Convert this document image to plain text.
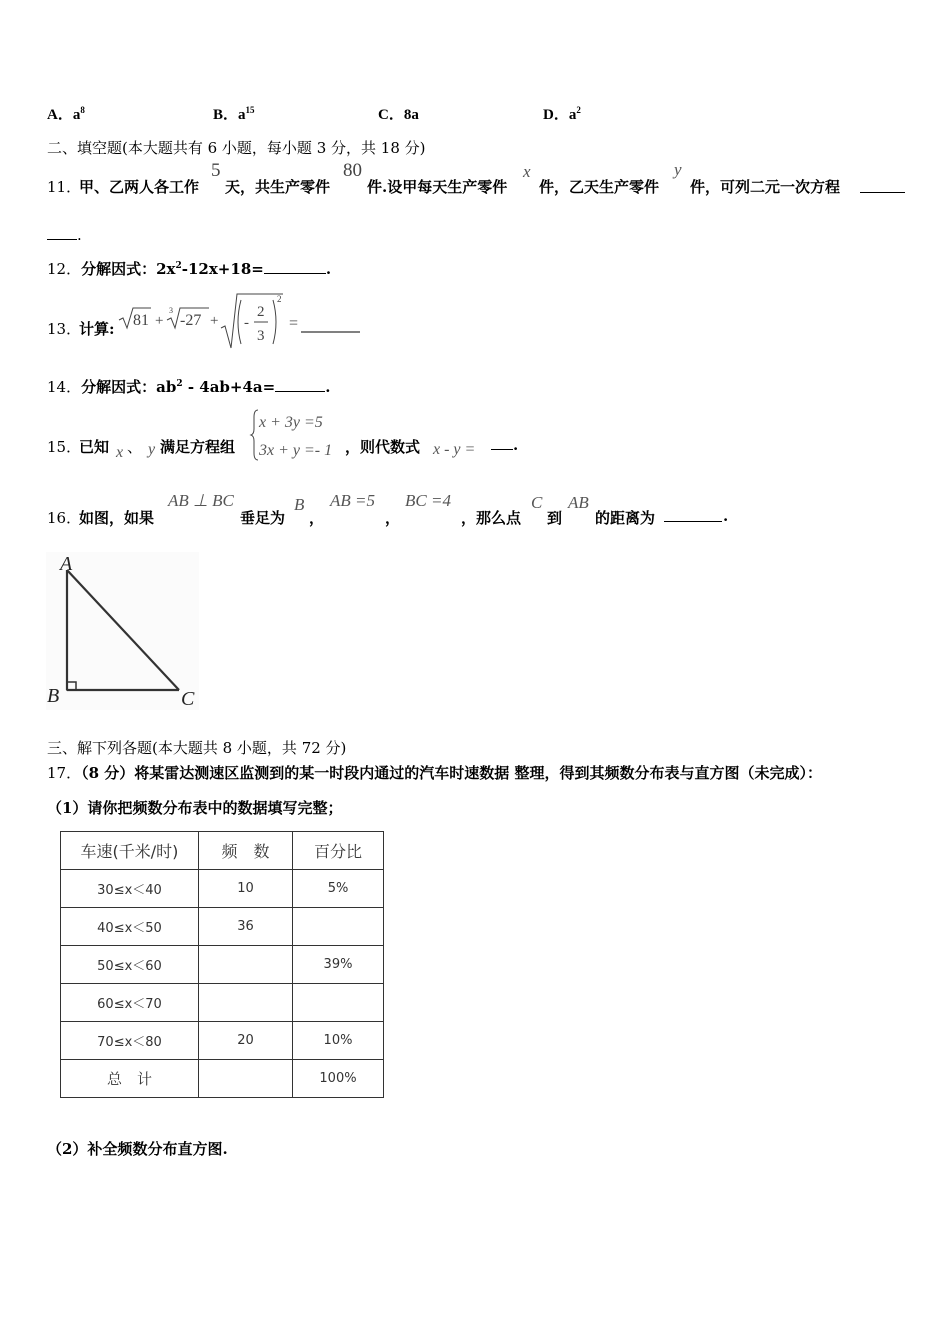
A．$a^8$	B．$a^{15}$	C．8a	D．$a^2$
二、填空题(本大题共有 6 小题，每小题 3 分，共 18 分)
11．
甲、乙两人各工作
5
天，共生产零件
80
件.设甲每天生产零件
x
件，乙天生产零件
y
件，可列二元一次方程
.
12．分解因式：$2x^2-12x+18=$	.
13．
计算: 81 +
3
-27 + -
2
3
2
=
14．分解因式：$ab^2 - 4ab+4a=$	.
15．
已知 x 、 y 满足方程组
x + 3y =5
3x + y =- 1 ，则代数式 x - y =	.
16．
如图，如果
AB ⊥ BC
垂足为
B
，
AB =5
，
BC =4
，那么点
C
到
AB
的距离为	.
A
B	C
三、解下列各题(本大题共 8 小题，共 72 分)
17．（8 分）将某雷达测速区监测到的某一时段内通过的汽车时速数据 整理，得到其频数分布表与直方图（未完成）：
（1）请你把频数分布表中的数据填写完整；
车速(千米/时)	频　数	百分比
30≤x＜40	10	5%
40≤x＜50	36	
50≤x＜60		39%
60≤x＜70		
70≤x＜80	20	10%
总　计		100%
（2）补全频数分布直方图.
